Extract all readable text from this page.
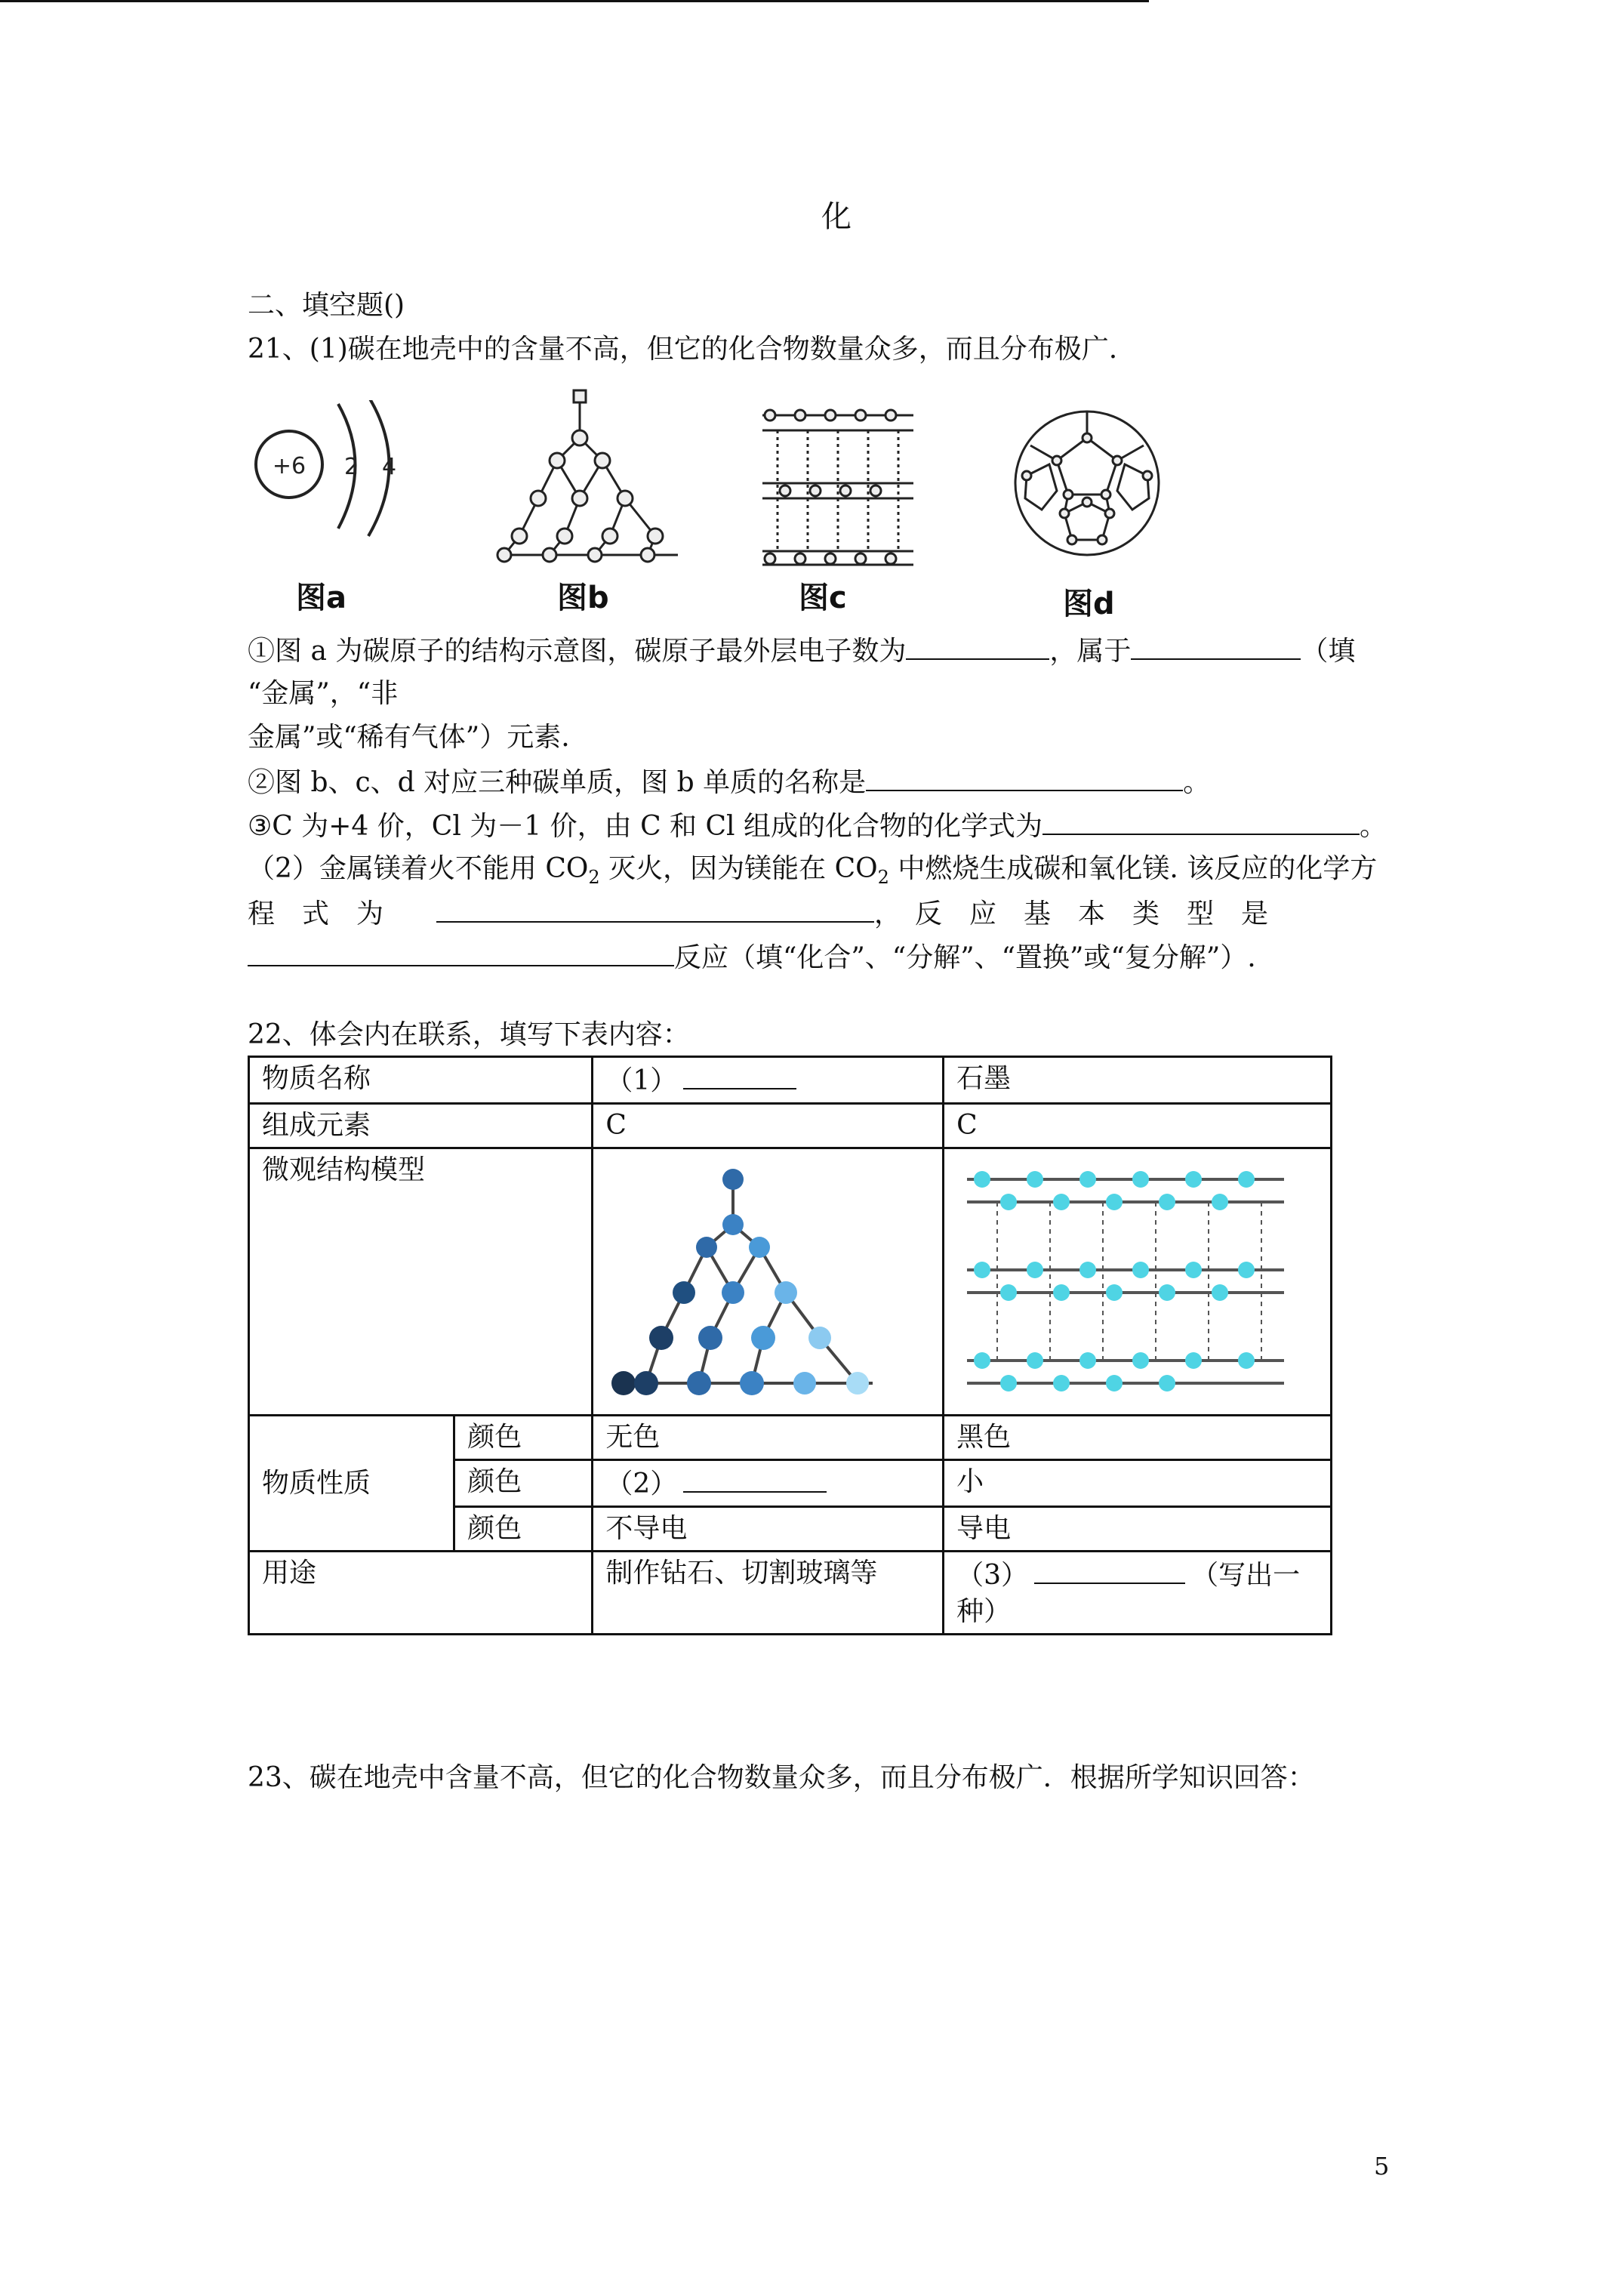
化
二、填空题()
21、(1)碳在地壳中的含量不高，但它的化合物数量众多，而且分布极广.
+6 2 4
图a	图b	图c	图d
①图 a 为碳原子的结构示意图，碳原子最外层电子数为	，属于	（填
“金属”，“非
金属”或“稀有气体”）元素.
②图 b、c、d 对应三种碳单质，图 b 单质的名称是	。
③C 为+4 价，Cl 为－1 价，由 C 和 Cl 组成的化合物的化学式为	。
（2）金属镁着火不能用 $CO_2$ 灭火，因为镁能在 $CO_2$ 中燃烧生成碳和氧化镁. 该反应的化学方
程　式　为	，　反　应　基　本　类　型　是
反应（填“化合”、“分解”、“置换”或“复分解”）.
22、体会内在联系，填写下表内容：
物质名称		（1）	石墨
组成元素		C	C
微观结构模型		
物质性质	颜色	无色	黑色
	颜色	（2）	小
	颜色	不导电	导电
用途		制作钻石、切割玻璃等	（3） （写出一
种）
23、碳在地壳中含量不高，但它的化合物数量众多，而且分布极广．根据所学知识回答：
5
